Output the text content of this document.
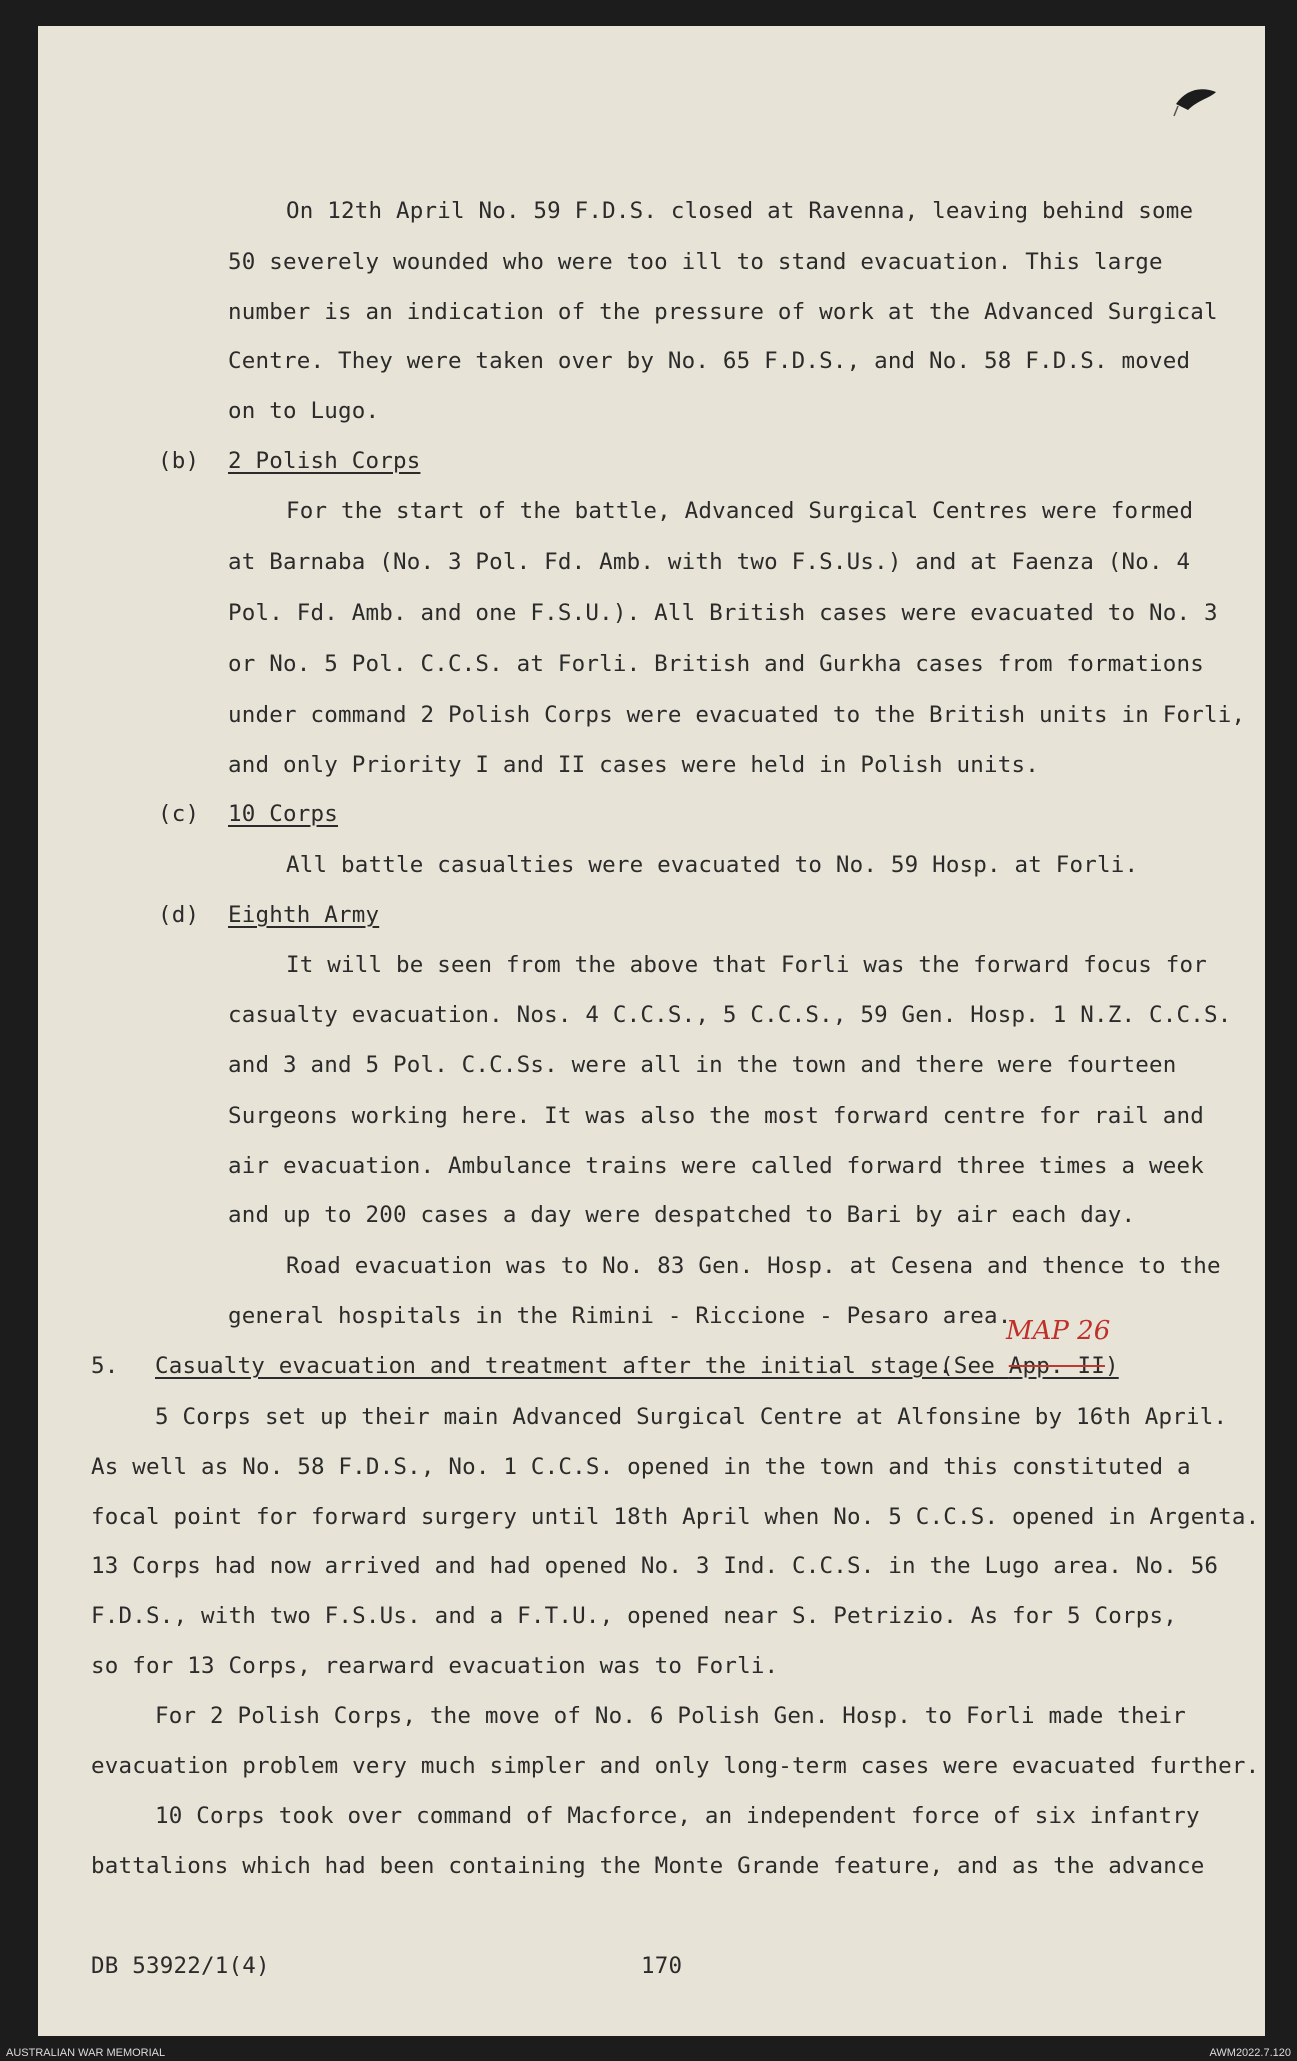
On 12th April No. 59 F.D.S. closed at Ravenna, leaving behind some
50 severely wounded who were too ill to stand evacuation. This large
number is an indication of the pressure of work at the Advanced Surgical
Centre. They were taken over by No. 65 F.D.S., and No. 58 F.D.S. moved
on to Lugo.
(b) 2 Polish Corps
For the start of the battle, Advanced Surgical Centres were formed
at Barnaba (No. 3 Pol. Fd. Amb. with two F.S.Us.) and at Faenza (No. 4
Pol. Fd. Amb. and one F.S.U.). All British cases were evacuated to No. 3
or No. 5 Pol. C.C.S. at Forli. British and Gurkha cases from formations
under command 2 Polish Corps were evacuated to the British units in Forli,
and only Priority I and II cases were held in Polish units.
(c) 10 Corps
All battle casualties were evacuated to No. 59 Hosp. at Forli.
(d) Eighth Army
It will be seen from the above that Forli was the forward focus for
casualty evacuation. Nos. 4 C.C.S., 5 C.C.S., 59 Gen. Hosp. 1 N.Z. C.C.S.
and 3 and 5 Pol. C.C.Ss. were all in the town and there were fourteen
Surgeons working here. It was also the most forward centre for rail and
air evacuation. Ambulance trains were called forward three times a week
and up to 200 cases a day were despatched to Bari by air each day.
Road evacuation was to No. 83 Gen. Hosp. at Cesena and thence to the
general hospitals in the Rimini - Riccione - Pesaro area.
5. Casualty evacuation and treatment after the initial stage.
(See App. II)
MAP 26
5 Corps set up their main Advanced Surgical Centre at Alfonsine by 16th April.
As well as No. 58 F.D.S., No. 1 C.C.S. opened in the town and this constituted a
focal point for forward surgery until 18th April when No. 5 C.C.S. opened in Argenta.
13 Corps had now arrived and had opened No. 3 Ind. C.C.S. in the Lugo area. No. 56
F.D.S., with two F.S.Us. and a F.T.U., opened near S. Petrizio. As for 5 Corps,
so for 13 Corps, rearward evacuation was to Forli.
For 2 Polish Corps, the move of No. 6 Polish Gen. Hosp. to Forli made their
evacuation problem very much simpler and only long-term cases were evacuated further.
10 Corps took over command of Macforce, an independent force of six infantry
battalions which had been containing the Monte Grande feature, and as the advance
DB 53922/1(4)	170
AUSTRALIAN WAR MEMORIAL	AWM2022.7.120
